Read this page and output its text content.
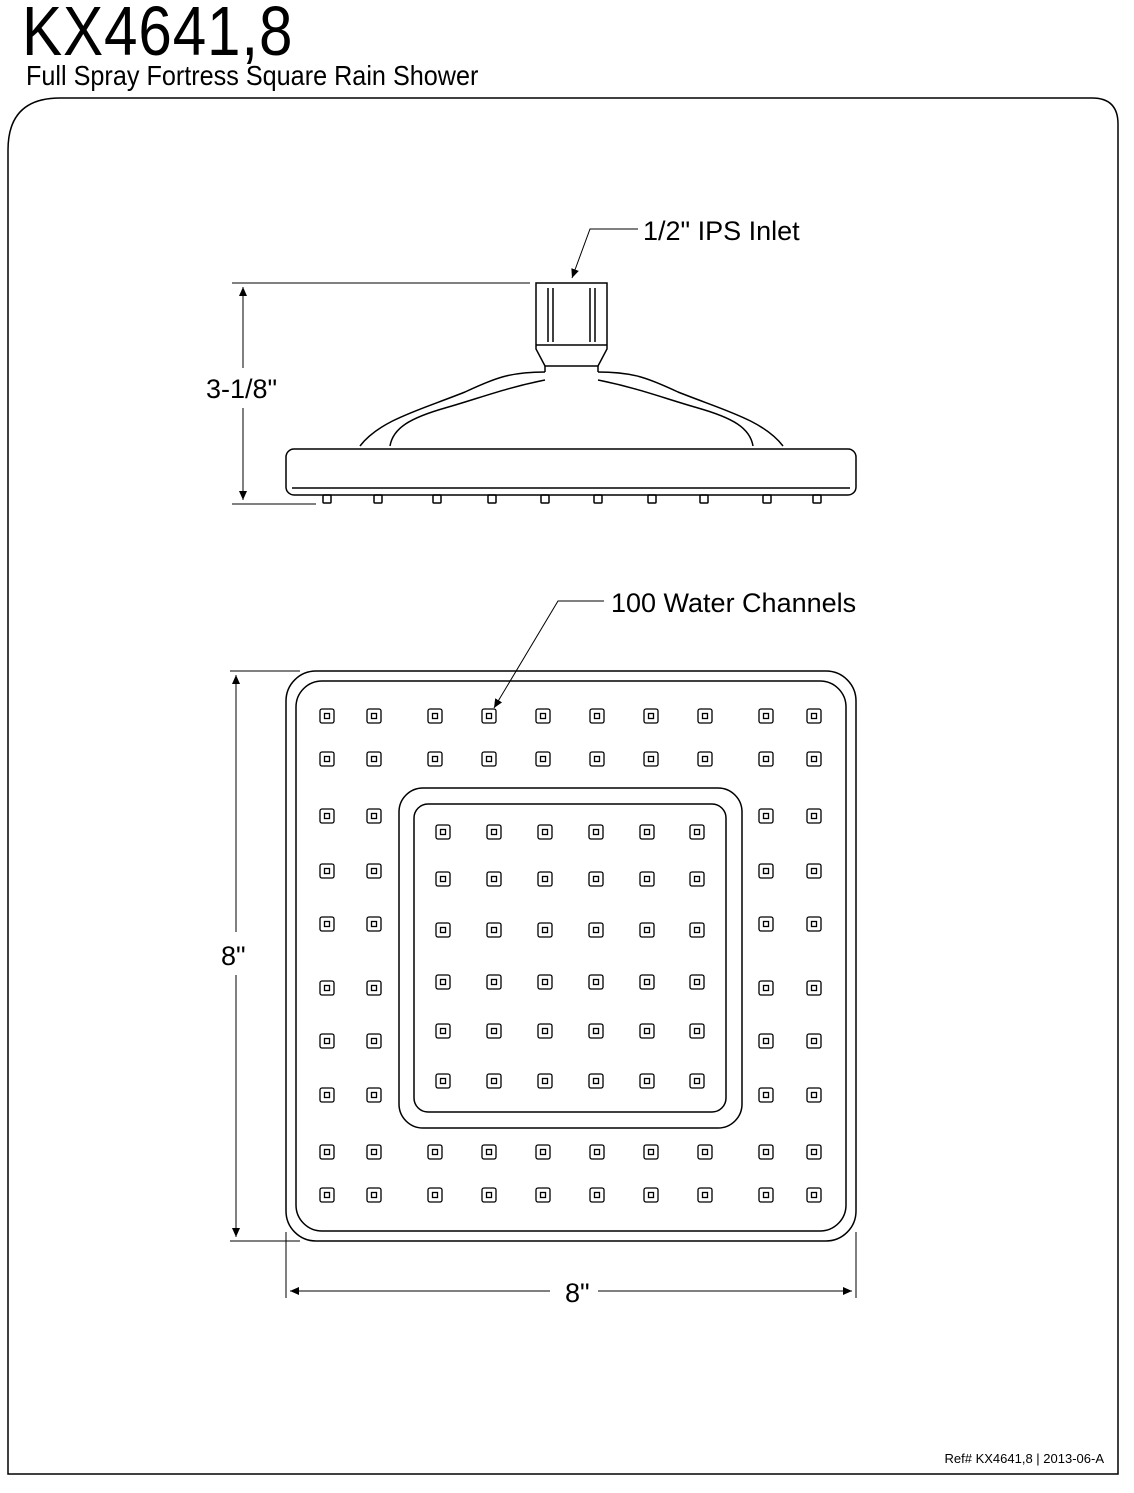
KX4641,8
Full Spray Fortress Square Rain Shower
3-1/8"
1/2" IPS Inlet
8"
8"
100 Water Channels
Ref# KX4641,8 | 2013-06-A
